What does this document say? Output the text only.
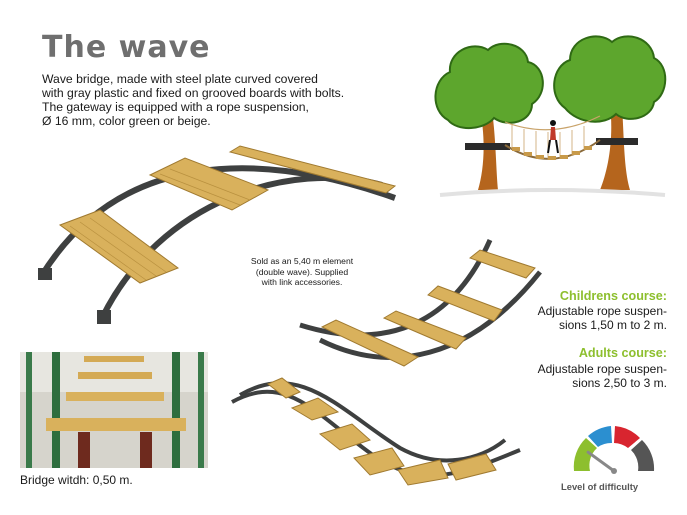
The wave
Wave bridge, made with steel plate curved covered
with gray plastic and fixed on grooved boards with bolts.
The gateway is equipped with a rope suspension,
Ø 16 mm, color green or beige.
Sold as an 5,40 m element
(double wave). Supplied
with link accessories.
Childrens course:
Adjustable rope suspen-
sions 1,50 m to 2 m.
Adults course:
Adjustable rope suspen-
sions 2,50 to 3 m.
Bridge witdh: 0,50 m.	Level of difficulty
